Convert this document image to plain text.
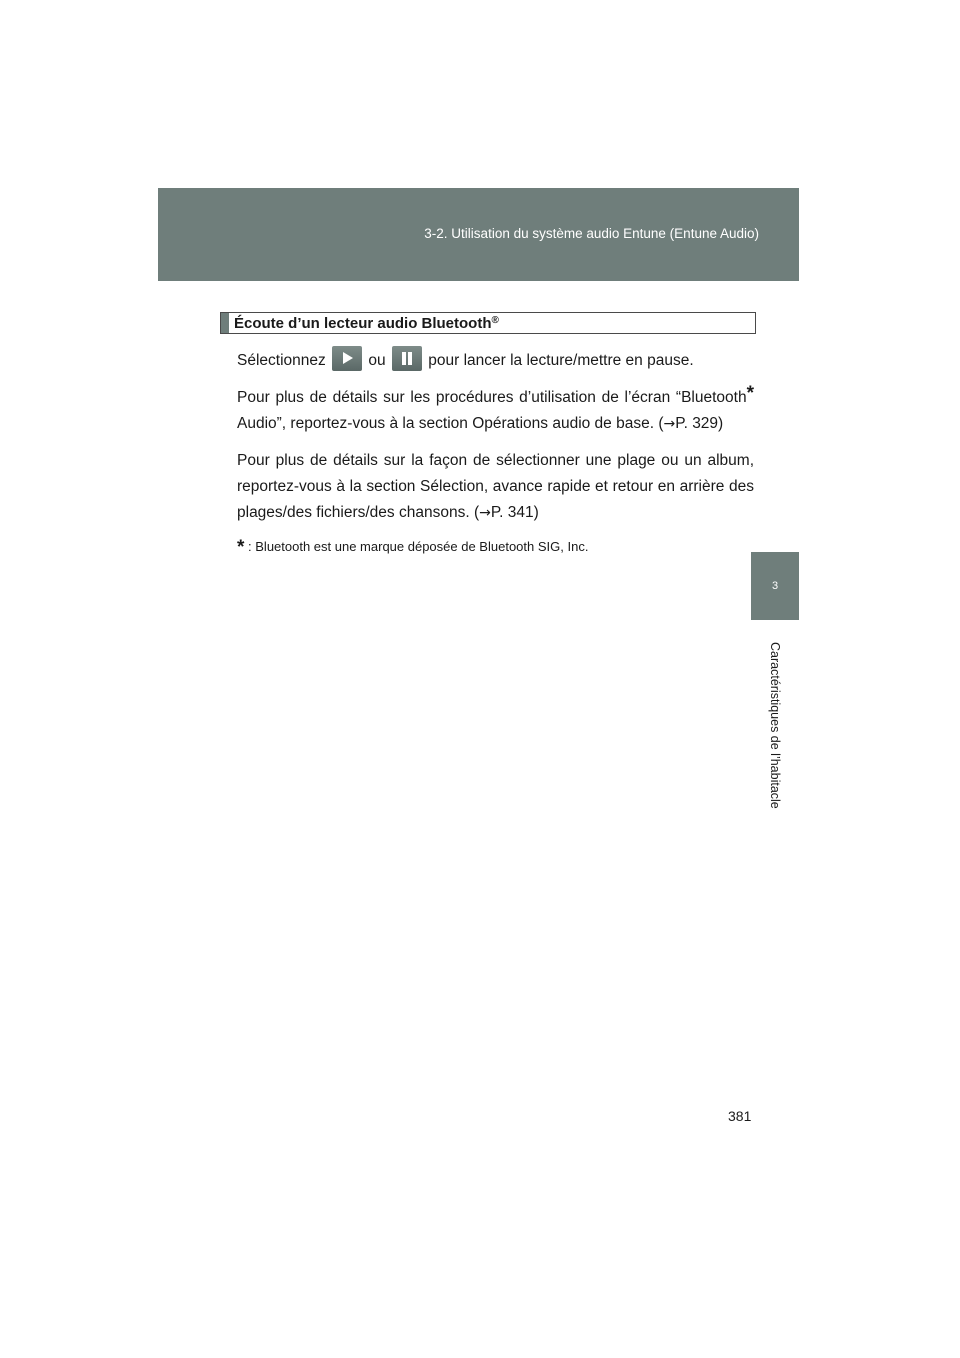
3-2. Utilisation du système audio Entune (Entune Audio)
3
Caractéristiques de l’habitacle
Écoute d’un lecteur audio Bluetooth®

Sélectionnez	ou	pour lancer la lecture/mettre en pause.

Pour plus de détails sur les procédures d’utilisation de l’écran “Bluetooth* Audio”, reportez-vous à la section Opérations audio de base. (→P. 329)

Pour plus de détails sur la façon de sélectionner une plage ou un album, reportez-vous à la section Sélection, avance rapide et retour en arrière des plages/des fichiers/des chansons. (→P. 341)

* : Bluetooth est une marque déposée de Bluetooth SIG, Inc.

381
